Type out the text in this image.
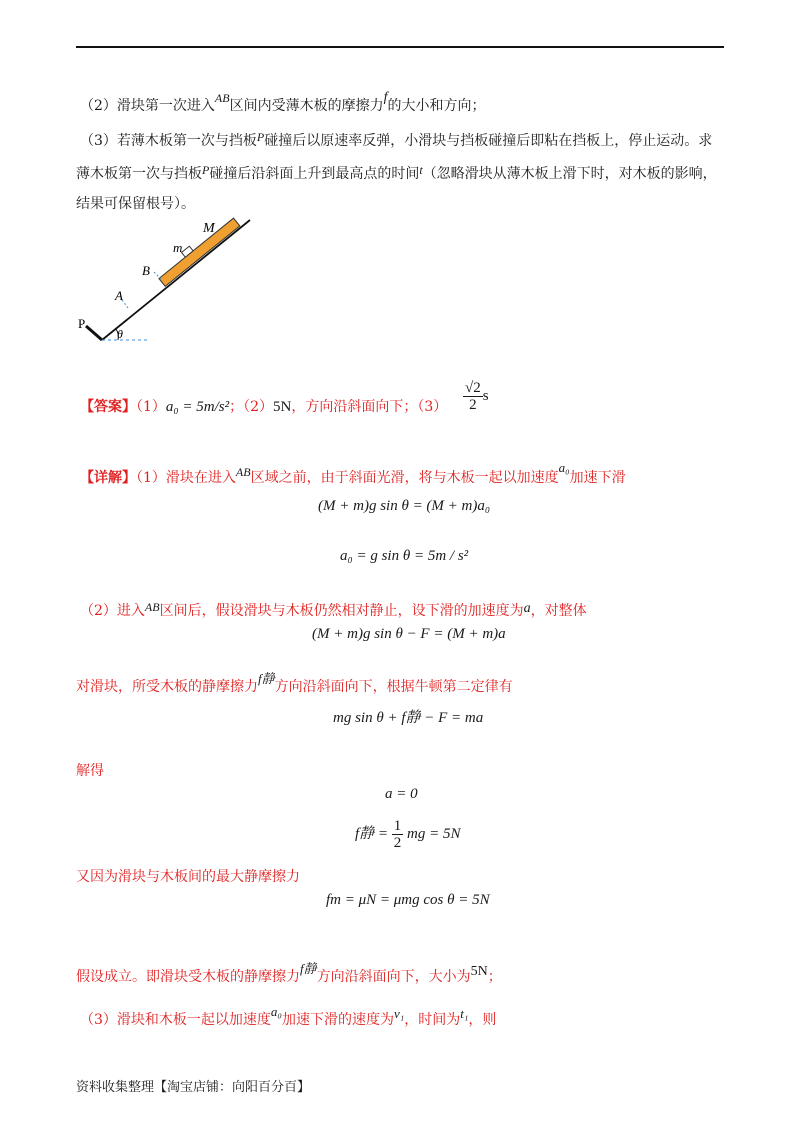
（2）滑块第一次进入AB区间内受薄木板的摩擦力f的大小和方向；
（3）若薄木板第一次与挡板P碰撞后以原速率反弹，小滑块与挡板碰撞后即粘在挡板上，停止运动。求
薄木板第一次与挡板P碰撞后沿斜面上升到最高点的时间t（忽略滑块从薄木板上滑下时，对木板的影响，
结果可保留根号）。
M
m
B
A
P
θ
【答案】（1）a₀ = 5m/s²；（2）5N，方向沿斜面向下；$(3) \frac{√2}{2}$ s
【详解】（1）滑块在进入AB区域之前，由于斜面光滑，将与木板一起以加速度a₀加速下滑
(M + m)g sin θ = (M + m)a₀
a₀ = g sin θ = 5m / s²
（2）进入AB区间后，假设滑块与木板仍然相对静止，设下滑的加速度为a，对整体
(M + m)g sin θ − F = (M + m)a
对滑块，所受木板的静摩擦力f静方向沿斜面向下，根据牛顿第二定律有
mg sin θ + f静 − F = ma
解得
a = 0
f静 = $\frac{1}{2}$ mg = 5N
又因为滑块与木板间的最大静摩擦力
fm = μN = μmg cos θ = 5N
假设成立。即滑块受木板的静摩擦力f静方向沿斜面向下，大小为5N；
（3）滑块和木板一起以加速度a₀加速下滑的速度为v₁，时间为t₁，则
资料收集整理【淘宝店铺：向阳百分百】
